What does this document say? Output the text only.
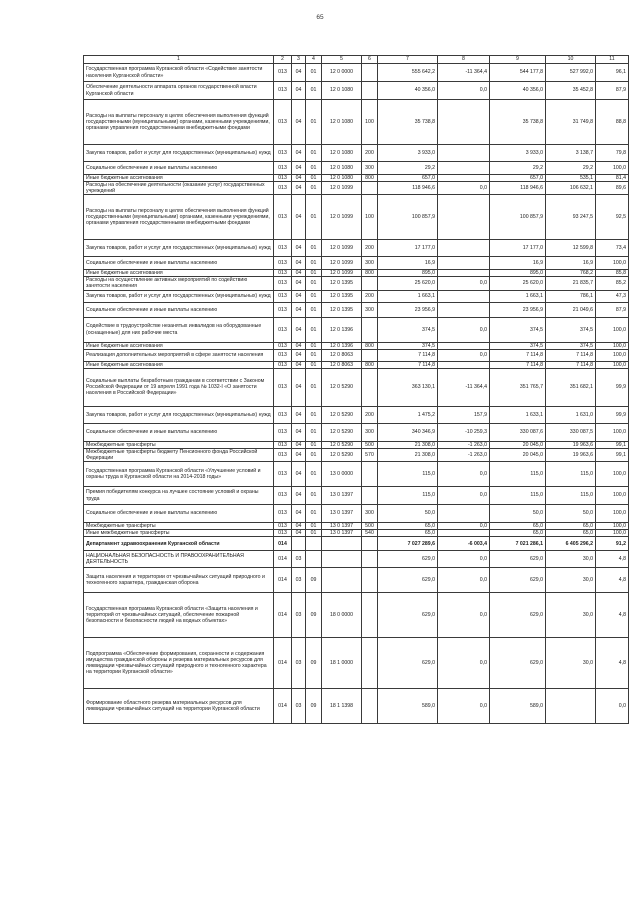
65
1	2	3	4	5	6	7	8	9	10	11
Государственная программа Курганской области «Содействие занятости населения Курганской области»	013	04	01	12 0 0000		555 642,2	-11 364,4	544 177,8	527 992,0	96,1
Обеспечение деятельности аппарата органов государственной власти Курганской области	013	04	01	12 0 1080		40 356,0	0,0	40 356,0	35 452,8	87,9
Расходы на выплаты персоналу в целях обеспечения выполнения функций государственными (муниципальными) органами, казенными учреждениями, органами управления государственными внебюджетными фондами	013	04	01	12 0 1080	100	35 738,8		35 738,8	31 749,8	88,8
Закупка товаров, работ и услуг для государственных (муниципальных) нужд	013	04	01	12 0 1080	200	3 933,0		3 933,0	3 138,7	79,8
Социальное обеспечение и иные выплаты населению	013	04	01	12 0 1080	300	29,2		29,2	29,2	100,0
Иные бюджетные ассигнования	013	04	01	12 0 1080	800	657,0		657,0	535,1	81,4
Расходы на обеспечение деятельности (оказание услуг) государственных учреждений	013	04	01	12 0 1099		118 946,6	0,0	118 946,6	106 632,1	89,6
Расходы на выплаты персоналу в целях обеспечения выполнения функций государственными (муниципальными) органами, казенными учреждениями, органами управления государственными внебюджетными фондами	013	04	01	12 0 1099	100	100 857,9		100 857,9	93 247,5	92,5
Закупка товаров, работ и услуг для государственных (муниципальных) нужд	013	04	01	12 0 1099	200	17 177,0		17 177,0	12 599,8	73,4
Социальное обеспечение и иные выплаты населению	013	04	01	12 0 1099	300	16,9		16,9	16,9	100,0
Иные бюджетные ассигнования	013	04	01	12 0 1099	800	895,0		895,0	768,2	85,8
Расходы на осуществление активных мероприятий по содействию занятости населения	013	04	01	12 0 1395		25 620,0	0,0	25 620,0	21 835,7	85,2
Закупка товаров, работ и услуг для государственных (муниципальных) нужд	013	04	01	12 0 1395	200	1 663,1		1 663,1	786,1	47,3
Социальное обеспечение и иные выплаты населению	013	04	01	12 0 1395	300	23 956,9		23 956,9	21 049,6	87,9
Содействие в трудоустройстве незанятых инвалидов на оборудованные (оснащенные) для них рабочие места	013	04	01	12 0 1396		374,5	0,0	374,5	374,5	100,0
Иные бюджетные ассигнования	013	04	01	12 0 1396	800	374,5		374,5	374,5	100,0
Реализация дополнительных мероприятий в сфере занятости населения	013	04	01	12 0 8063		7 114,8	0,0	7 114,8	7 114,8	100,0
Иные бюджетные ассигнования	013	04	01	12 0 8063	800	7 114,8		7 114,8	7 114,8	100,0
Социальные выплаты безработным гражданам в соответствии с Законом Российской Федерации от 19 апреля 1991 года № 1032-I «О занятости населения в Российской Федерации»	013	04	01	12 0 5290		363 130,1	-11 364,4	351 765,7	351 682,1	99,9
Закупка товаров, работ и услуг для государственных (муниципальных) нужд	013	04	01	12 0 5290	200	1 475,2	157,9	1 633,1	1 631,0	99,9
Социальное обеспечение и иные выплаты населению	013	04	01	12 0 5290	300	340 346,9	-10 259,3	330 087,6	330 087,5	100,0
Межбюджетные трансферты	013	04	01	12 0 5290	500	21 308,0	-1 263,0	20 045,0	19 963,6	99,1
Межбюджетные трансферты бюджету Пенсионного фонда Российской Федерации	013	04	01	12 0 5290	570	21 308,0	-1 263,0	20 045,0	19 963,6	99,1
Государственная программа Курганской области «Улучшение условий и охраны труда в Курганской области на 2014-2018 годы»	013	04	01	13 0 0000		115,0	0,0	115,0	115,0	100,0
Премия победителям конкурса на лучшее состояние условий и охраны труда	013	04	01	13 0 1397		115,0	0,0	115,0	115,0	100,0
Социальное обеспечение и иные выплаты населению	013	04	01	13 0 1397	300	50,0		50,0	50,0	100,0
Межбюджетные трансферты	013	04	01	13 0 1397	500	65,0	0,0	65,0	65,0	100,0
Иные межбюджетные трансферты	013	04	01	13 0 1397	540	65,0		65,0	65,0	100,0
Департамент здравоохранения Курганской области	014					7 027 289,6	-6 003,4	7 021 286,1	6 405 296,2	91,2
НАЦИОНАЛЬНАЯ БЕЗОПАСНОСТЬ И ПРАВООХРАНИТЕЛЬНАЯ ДЕЯТЕЛЬНОСТЬ	014	03				629,0	0,0	629,0	30,0	4,8
Защита населения и территории от чрезвычайных ситуаций природного и техногенного характера, гражданская оборона	014	03	09			629,0	0,0	629,0	30,0	4,8
Государственная программа Курганской области «Защита населения и территорий от чрезвычайных ситуаций, обеспечение пожарной безопасности и безопасности людей на водных объектах»	014	03	09	18 0 0000		629,0	0,0	629,0	30,0	4,8
Подпрограмма «Обеспечение формирования, сохранности и содержания имущества гражданской обороны и резерва материальных ресурсов для ликвидации чрезвычайных ситуаций природного и техногенного характера на территории Курганской области»	014	03	09	18 1 0000		629,0	0,0	629,0	30,0	4,8
Формирование областного резерва материальных ресурсов для ликвидации чрезвычайных ситуаций на территории Курганской области	014	03	09	18 1 1398		589,0	0,0	589,0		0,0
